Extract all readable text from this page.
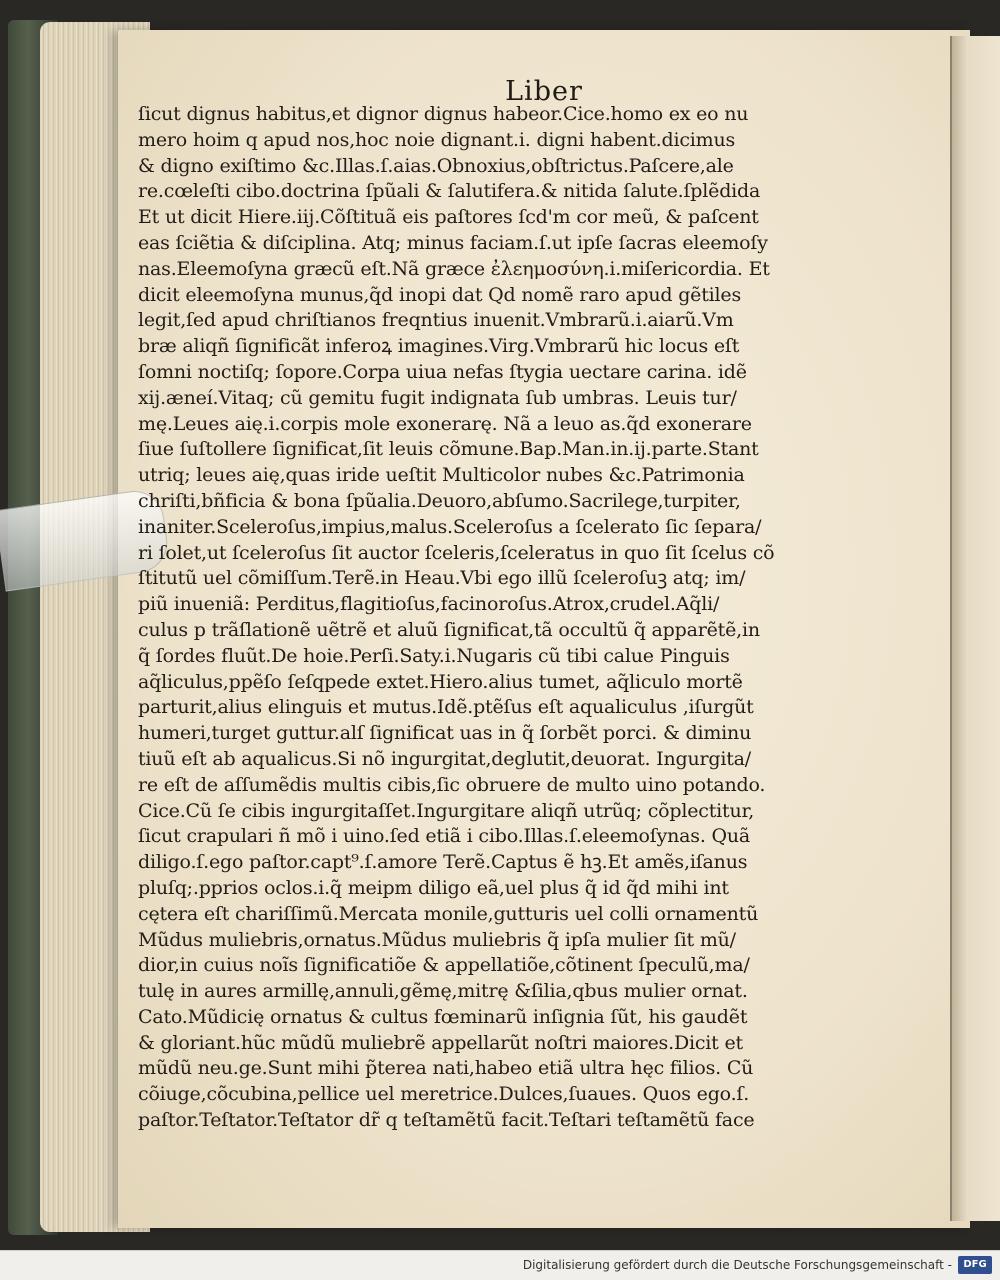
Liber
ſicut dignus habitus,et dignor dignus habeor.Cice.homo ex eo nu
mero hoim q apud nos,hoc noie dignant.i. digni habent.dicimus
& digno exiſtimo &c.Illas.ſ.aias.Obnoxius,obſtrictus.Paſcere,ale
re.cœleſti cibo.doctrina ſpũali & ſalutifera.& nitida ſalute.ſplẽdida
Et ut dicit Hiere.iij.Cõſtituã eis paſtores ſcd'm cor meũ, & paſcent
eas ſciẽtia & diſciplina. Atq; minus faciam.ſ.ut ipſe ſacras eleemoſy
nas.Eleemoſyna græcũ eſt.Nã græce ἐλεημοσύνη.i.miſericordia. Et
dicit eleemoſyna munus,q̃d inopi dat Qd nomẽ raro apud gẽtiles
legit,ſed apud chriſtianos freqntius inuenit.Vmbrarũ.i.aiarũ.Vm
bræ aliqñ ſignificãt inferoꝝ imagines.Virg.Vmbrarũ hic locus eſt
ſomni noctiſq; ſopore.Corpa uiua nefas ſtygia uectare carina. idẽ
xij.æneí.Vitaq; cũ gemitu fugit indignata ſub umbras. Leuis tur/
mę.Leues aię.i.corpis mole exonerarę. Nã a leuo as.q̃d exonerare
ſiue ſuſtollere ſignificat,ſit leuis cõmune.Bap.Man.in.ij.parte.Stant
utriq; leues aię,quas iride ueſtit Multicolor nubes &c.Patrimonia
chriſti,bñficia & bona ſpũalia.Deuoro,abſumo.Sacrilege,turpiter,
inaniter.Sceleroſus,impius,malus.Sceleroſus a ſcelerato ſic ſepara/
ri ſolet,ut ſceleroſus ſit auctor ſceleris,ſceleratus in quo ſit ſcelus cõ
ſtitutũ uel cõmiſſum.Terẽ.in Heau.Vbi ego illũ ſceleroſuꝫ atq; im/
piũ inueniã: Perditus,flagitioſus,facinoroſus.Atrox,crudel.Aq̃li/
culus p trãſlationẽ uẽtrẽ et aluũ ſignificat,tã occultũ q̃ apparẽtẽ,in
q̃ ſordes fluũt.De hoie.Perſi.Saty.i.Nugaris cũ tibi calue Pinguis
aq̃liculus,ppẽſo ſeſqpede extet.Hiero.alius tumet, aq̃liculo mortẽ
parturit,alius elinguis et mutus.Idẽ.ptẽſus eſt aqualiculus ,iſurgũt
humeri,turget guttur.alſ ſignificat uas in q̃ ſorbẽt porci. & diminu
tiuũ eſt ab aqualicus.Si nõ ingurgitat,deglutit,deuorat. Ingurgita/
re eſt de aſſumẽdis multis cibis,ſic obruere de multo uino potando.
Cice.Cũ ſe cibis ingurgitaſſet.Ingurgitare aliqñ utrũq; cõplectitur,
ſicut crapulari ñ mõ i uino.ſed etiã i cibo.Illas.ſ.eleemoſynas. Quã
diligo.ſ.ego paſtor.capt⁹.ſ.amore Terẽ.Captus ẽ hꝫ.Et amẽs,iſanus
pluſq;.pprios oclos.i.q̃ meipm diligo eã,uel plus q̃ id q̃d mihi int
cętera eſt chariſſimũ.Mercata monile,gutturis uel colli ornamentũ
Mũdus muliebris,ornatus.Mũdus muliebris q̃ ipſa mulier ſit mũ/
dior,in cuius noĩs ſignificatiõe & appellatiõe,cõtinent ſpeculũ,ma/
tulę in aures armillę,annuli,gẽmę,mitrę &ſilia,qbus mulier ornat.
Cato.Mũdicię ornatus & cultus fœminarũ inſignia ſũt, his gaudẽt
& gloriant.hũc mũdũ muliebrẽ appellarũt noſtri maiores.Dicit et
mũdũ neu.ge.Sunt mihi p̃terea nati,habeo etiã ultra hęc filios. Cũ
cõiuge,cõcubina,pellice uel meretrice.Dulces,ſuaues. Quos ego.ſ.
paſtor.Teſtator.Teſtator dr̃ q teſtamẽtũ facit.Teſtari teſtamẽtũ face
Digitalisierung gefördert durch die Deutsche Forschungsgemeinschaft -	DFG
